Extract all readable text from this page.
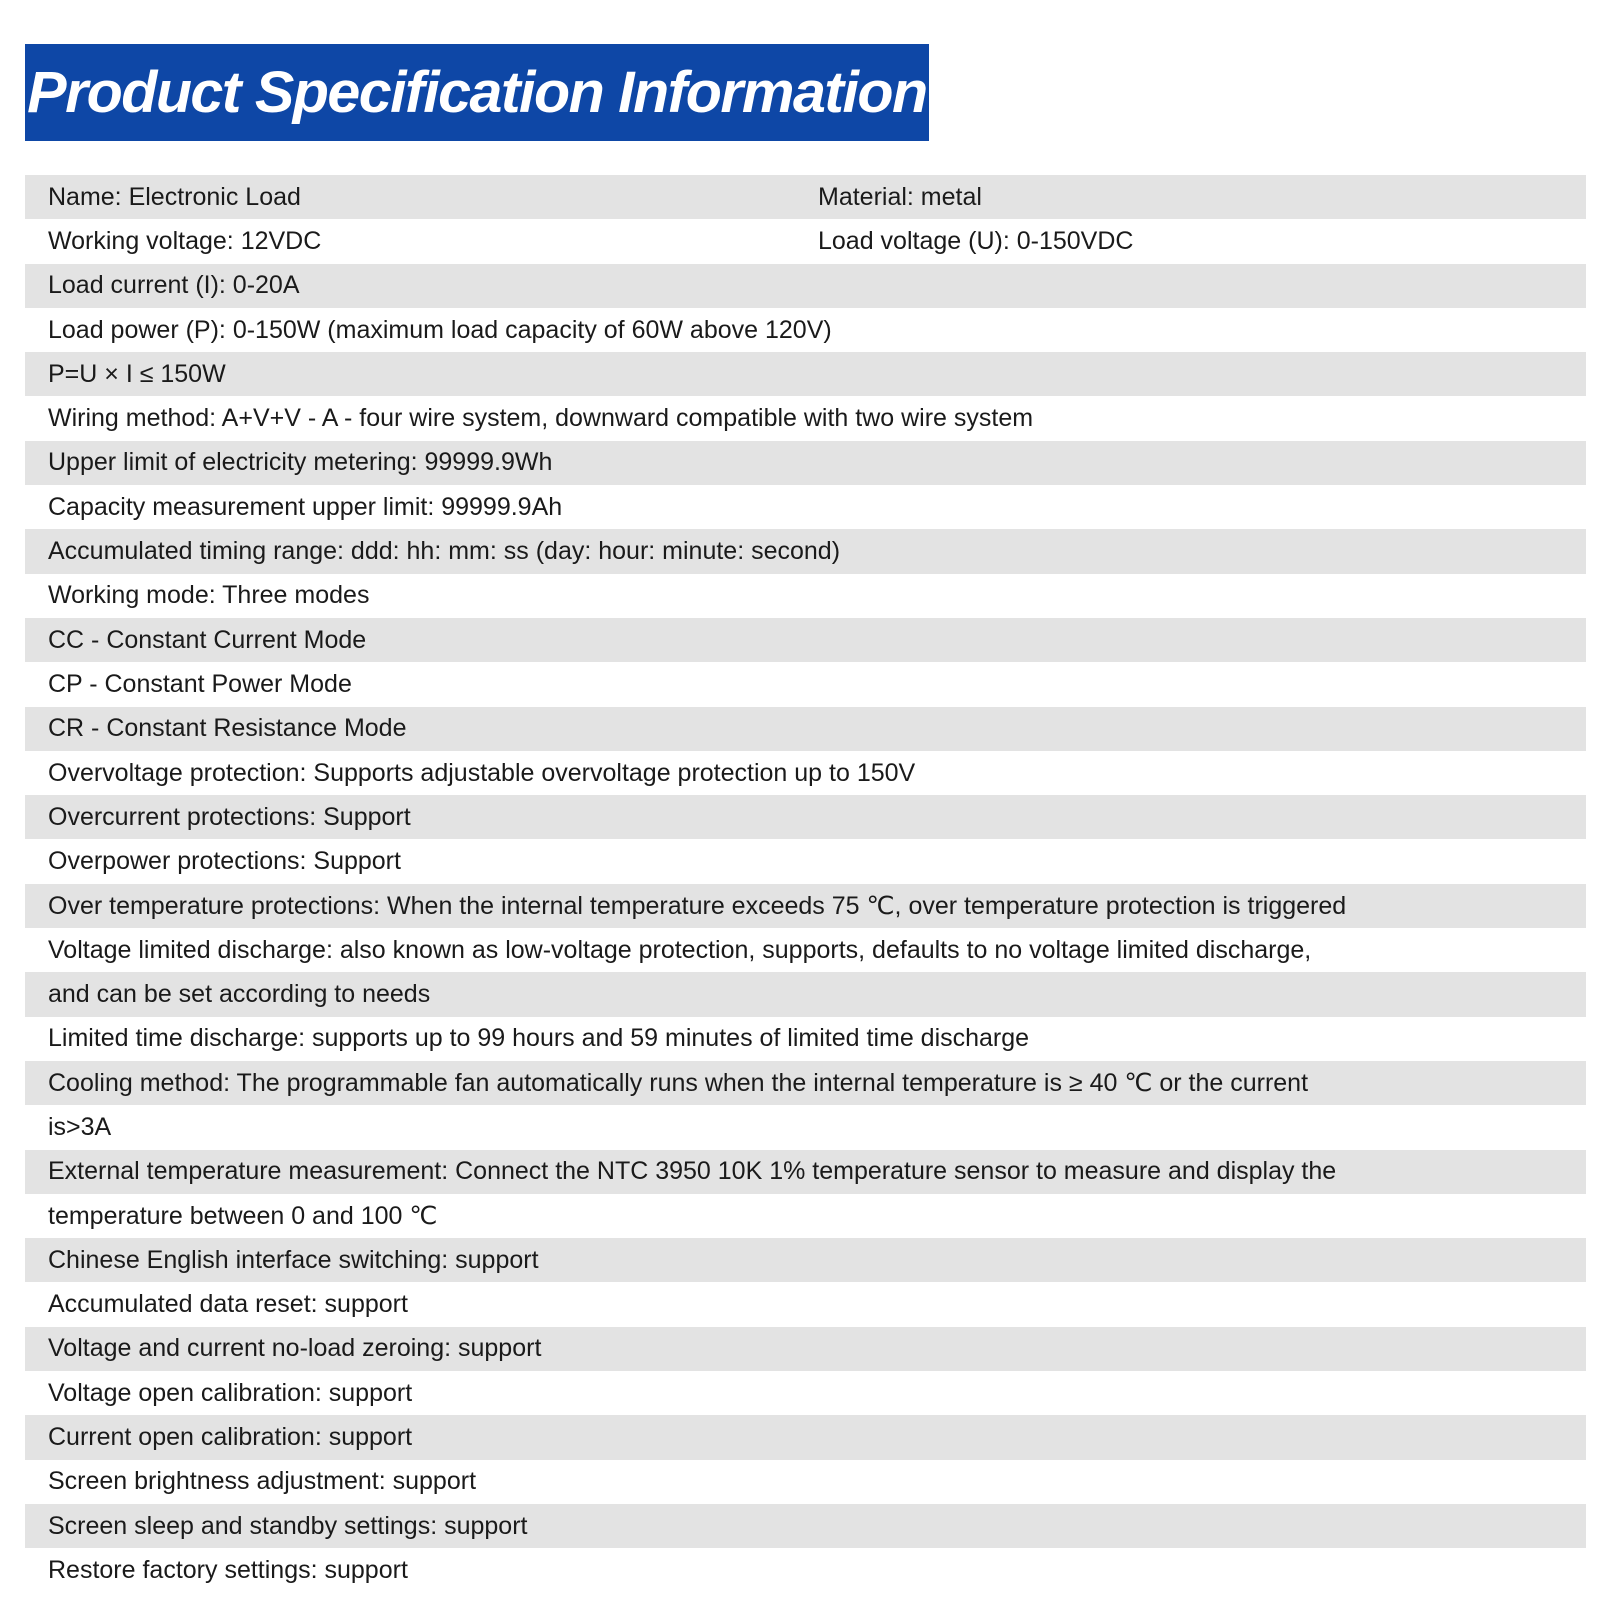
Product Specification Information
Name: Electronic Load	Material: metal
Working voltage: 12VDC	Load voltage (U): 0-150VDC
Load current (I): 0-20A
Load power (P): 0-150W (maximum load capacity of 60W above 120V)
P=U × I ≤ 150W
Wiring method: A+V+V - A - four wire system, downward compatible with two wire system
Upper limit of electricity metering: 99999.9Wh
Capacity measurement upper limit: 99999.9Ah
Accumulated timing range: ddd: hh: mm: ss (day: hour: minute: second)
Working mode: Three modes
CC - Constant Current Mode
CP - Constant Power Mode
CR - Constant Resistance Mode
Overvoltage protection: Supports adjustable overvoltage protection up to 150V
Overcurrent protections: Support
Overpower protections: Support
Over temperature protections: When the internal temperature exceeds 75 ℃, over temperature protection is triggered
Voltage limited discharge: also known as low-voltage protection, supports, defaults to no voltage limited discharge,
and can be set according to needs
Limited time discharge: supports up to 99 hours and 59 minutes of limited time discharge
Cooling method: The programmable fan automatically runs when the internal temperature is ≥ 40 ℃ or the current
is>3A
External temperature measurement: Connect the NTC 3950 10K 1% temperature sensor to measure and display the
temperature between 0 and 100 ℃
Chinese English interface switching: support
Accumulated data reset: support
Voltage and current no-load zeroing: support
Voltage open calibration: support
Current open calibration: support
Screen brightness adjustment: support
Screen sleep and standby settings: support
Restore factory settings: support
